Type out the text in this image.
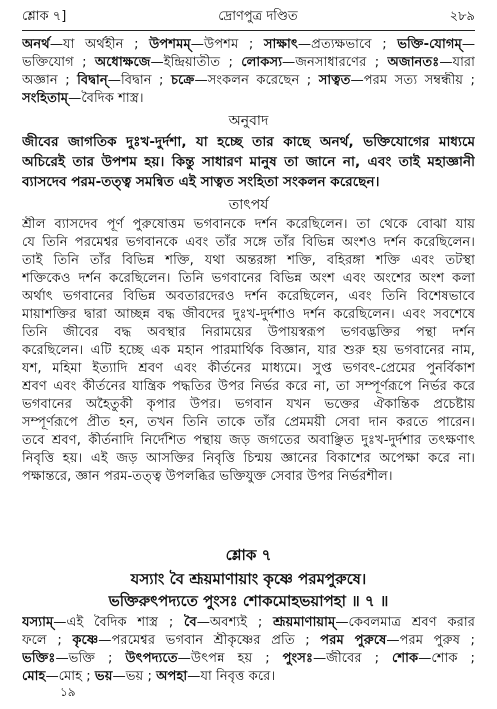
শ্লোক ৭]	দ্রোণপুত্র দণ্ডিত	২৮৯
অনর্থ—যা অর্থহীন ; উপশমম্—উপশম ; সাক্ষাৎ—প্রত্যক্ষভাবে ; ভক্তি-যোগম্—
ভক্তিযোগ ; অধোক্ষজে—ইন্দ্রিয়াতীত ; লোকস্য—জনসাধারণের ; অজানতঃ—যারা
অজ্ঞান ; বিদ্বান্—বিদ্বান ; চক্রে—সংকলন করেছেন ; সাত্বত—পরম সত্য সম্বন্ধীয় ;
সংহিতাম্—বৈদিক শাস্ত্র।
অনুবাদ
জীবের জাগতিক দুঃখ-দুর্দশা, যা হচ্ছে তার কাছে অনর্থ, ভক্তিযোগের মাধ্যমে
অচিরেই তার উপশম হয়। কিন্তু সাধারণ মানুষ তা জানে না, এবং তাই মহাজ্ঞানী
ব্যাসদেব পরম-তত্ত্ব সমন্বিত এই সাত্বত সংহিতা সংকলন করেছেন।
তাৎপর্য
শ্রীল ব্যাসদেব পূর্ণ পুরুষোত্তম ভগবানকে দর্শন করেছিলেন। তা থেকে বোঝা যায়
যে তিনি পরমেশ্বর ভগবানকে এবং তাঁর সঙ্গে তাঁর বিভিন্ন অংশও দর্শন করেছিলেন।
তাই তিনি তাঁর বিভিন্ন শক্তি, যথা অন্তরঙ্গা শক্তি, বহিরঙ্গা শক্তি এবং তটস্থা
শক্তিকেও দর্শন করেছিলেন। তিনি ভগবানের বিভিন্ন অংশ এবং অংশের অংশ কলা
অর্থাৎ ভগবানের বিভিন্ন অবতারদেরও দর্শন করেছিলেন, এবং তিনি বিশেষভাবে
মায়াশক্তির দ্বারা আচ্ছন্ন বদ্ধ জীবদের দুঃখ-দুর্দশাও দর্শন করেছিলেন। এবং সবশেষে
তিনি জীবের বদ্ধ অবস্থার নিরাময়ের উপায়স্বরূপ ভগবদ্ভক্তির পন্থা দর্শন
করেছিলেন। এটি হচ্ছে এক মহান পারমার্থিক বিজ্ঞান, যার শুরু হয় ভগবানের নাম,
যশ, মহিমা ইত্যাদি শ্রবণ এবং কীর্তনের মাধ্যমে। সুপ্ত ভগবৎ-প্রেমের পুনর্বিকাশ
শ্রবণ এবং কীর্তনের যান্ত্রিক পদ্ধতির উপর নির্ভর করে না, তা সম্পূর্ণরূপে নির্ভর করে
ভগবানের অহৈতুকী কৃপার উপর। ভগবান যখন ভক্তের ঐকান্তিক প্রচেষ্টায়
সম্পূর্ণরূপে প্রীত হন, তখন তিনি তাকে তাঁর প্রেমময়ী সেবা দান করতে পারেন।
তবে শ্রবণ, কীর্তনাদি নির্দেশিত পন্থায় জড় জগতের অবাঞ্ছিত দুঃখ-দুর্দশার তৎক্ষণাৎ
নিবৃত্তি হয়। এই জড় আসক্তির নিবৃত্তি চিন্ময় জ্ঞানের বিকাশের অপেক্ষা করে না।
পক্ষান্তরে, জ্ঞান পরম-তত্ত্ব উপলব্ধির ভক্তিযুক্ত সেবার উপর নির্ভরশীল।
শ্লোক ৭
যস্যাং বৈ শ্রূয়মাণায়াং কৃষ্ণে পরমপুরুষে।
ভক্তিরুৎপদ্যতে পুংসঃ শোকমোহভয়াপহা ॥ ৭ ॥
যস্যাম্—এই বৈদিক শাস্ত্র ; বৈ—অবশ্যই ; শ্রূয়মাণায়াম্—কেবলমাত্র শ্রবণ করার
ফলে ; কৃষ্ণে—পরমেশ্বর ভগবান শ্রীকৃষ্ণের প্রতি ; পরম পুরুষে—পরম পুরুষ ;
ভক্তিঃ—ভক্তি ; উৎপদ্যতে—উৎপন্ন হয় ; পুংসঃ—জীবের ; শোক—শোক ;
মোহ—মোহ ; ভয়—ভয় ; অপহা—যা নিবৃত্ত করে।
১৯
